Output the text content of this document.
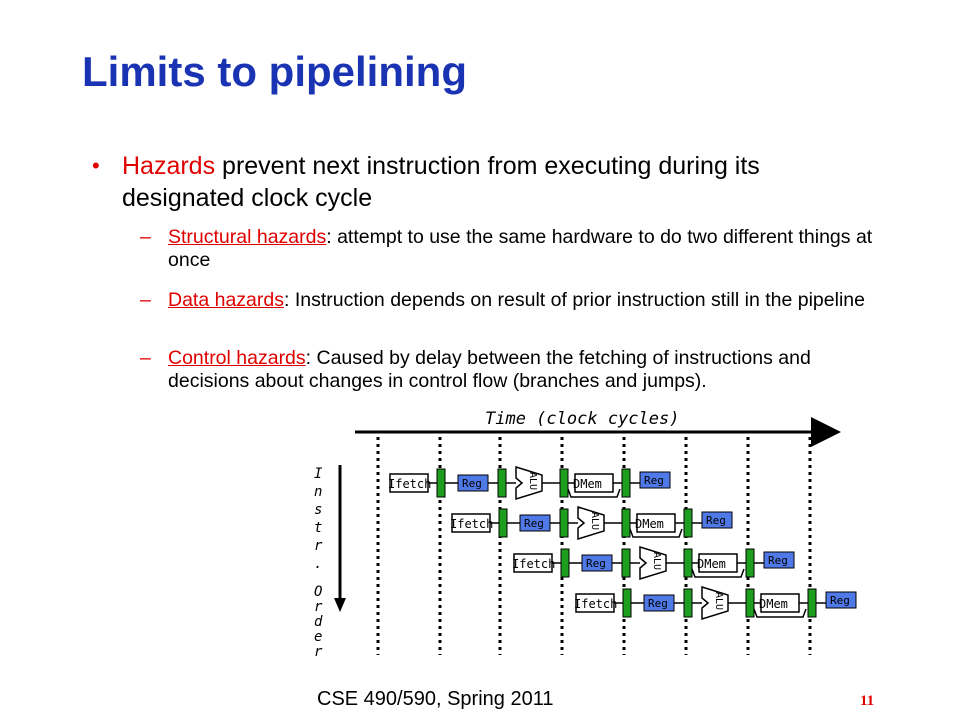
Limits to pipelining
• Hazards prevent next instruction from executing during its designated clock cycle
– Structural hazards: attempt to use the same hardware to do two different things at once
– Data hazards: Instruction depends on result of prior instruction still in the pipeline
– Control hazards: Caused by delay between the fetching of instructions and decisions about changes in control flow (branches and jumps).
Time (clock cycles)
I n s t r .
O r d e r
Ifetch	Reg	ALU	DMem	Reg
Ifetch	Reg	ALU	DMem	Reg
Ifetch	Reg	ALU	DMem	Reg
Ifetch	Reg	ALU	DMem	Reg
CSE 490/590, Spring 2011	11
